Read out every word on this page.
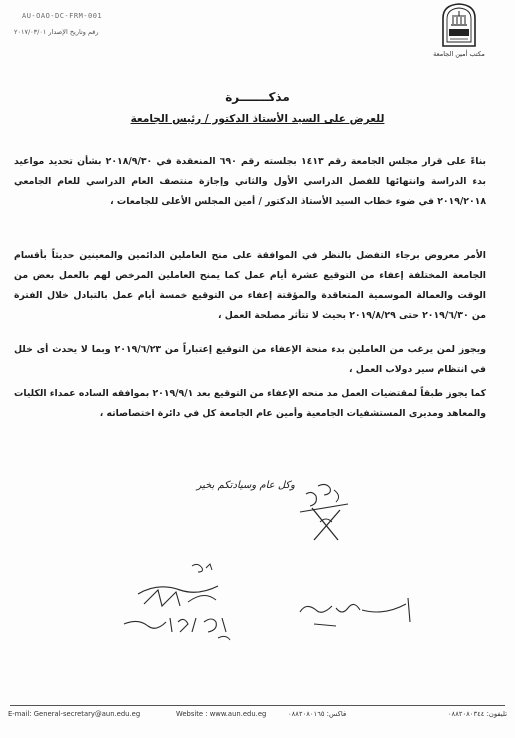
AU-OAO-DC-FRM-001
رقم وتاريخ الإصدار ٢٠١٧/٠٣/٠١
مكتب أمين الجامعة
مذكـــــــرة
للعرض على السيد الأستاذ الدكتور / رئيس الجامعة
بناءً على قرار مجلس الجامعة رقم ١٤١٣ بجلسته رقم ٦٩٠ المنعقدة في ٢٠١٨/٩/٣٠ بشأن تحديد مواعيد بدء الدراسة وانتهائها للفصل الدراسي الأول والثاني وإجازة منتصف العام الدراسي للعام الجامعي ٢٠١٩/٢٠١٨ في ضوء خطاب السيد الأستاذ الدكتور / أمين المجلس الأعلى للجامعات ،
الأمر معروض برجاء التفضل بالنظر في الموافقة على منح العاملين الدائمين والمعينين حديثاً بأقسام الجامعة المختلفة إعفاء من التوقيع عشرة أيام عمل كما يمنح العاملين المرخص لهم بالعمل بعض من الوقت والعمالة الموسمية المتعاقدة والمؤقتة إعفاء من التوقيع خمسة أيام عمل بالتبادل خلال الفترة من ٢٠١٩/٦/٣٠ حتى ٢٠١٩/٨/٢٩ بحيث لا تتأثر مصلحة العمل ،
ويجوز لمن يرغب من العاملين بدء منحة الإعفاء من التوقيع إعتباراً من ٢٠١٩/٦/٢٣ وبما لا يحدث أى خلل في انتظام سير دولاب العمل ،
كما يجوز طبقاً لمقتضيات العمل مد منحه الإعفاء من التوقيع بعد ٢٠١٩/٩/١ بموافقه الساده عمداء الكليات والمعاهد ومديرى المستشفيات الجامعية وأمين عام الجامعة كل في دائرة اختصاصاته ،
وكل عام وسيادتكم بخير
E-mail: General-secretary@aun.edu.eg	Website : www.aun.edu.eg	فاكس: ٠٨٨٢٠٨٠١٦٥	تليفون: ٠٨٨٢٠٨٠٣٤٤
